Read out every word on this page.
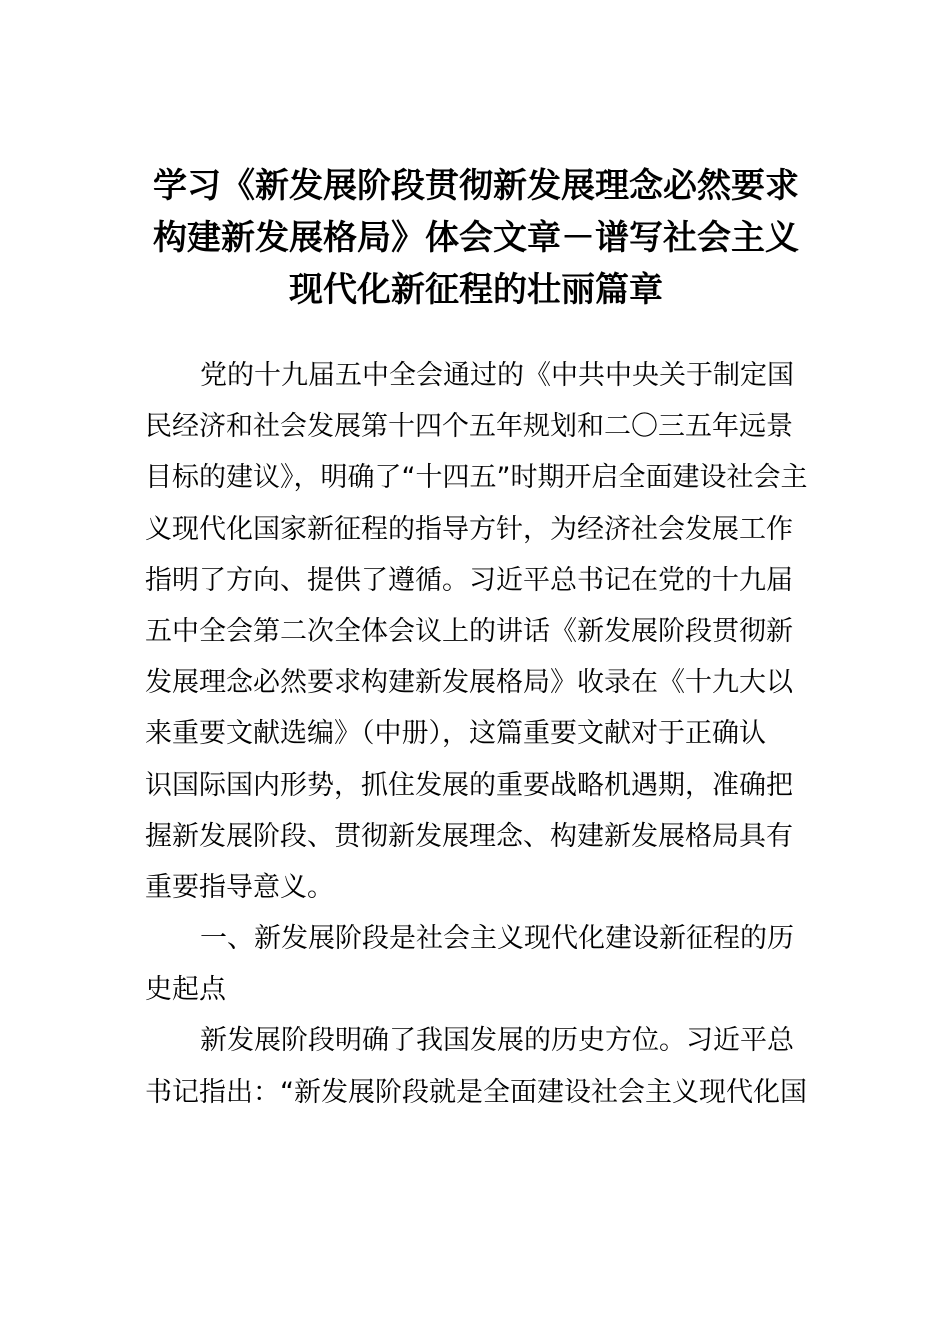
学习《新发展阶段贯彻新发展理念必然要求
构建新发展格局》体会文章－谱写社会主义
现代化新征程的壮丽篇章
党的十九届五中全会通过的《中共中央关于制定国
民经济和社会发展第十四个五年规划和二〇三五年远景
目标的建议》，明确了“十四五”时期开启全面建设社会主
义现代化国家新征程的指导方针，为经济社会发展工作
指明了方向、提供了遵循。习近平总书记在党的十九届
五中全会第二次全体会议上的讲话《新发展阶段贯彻新
发展理念必然要求构建新发展格局》收录在《十九大以
来重要文献选编》（中册），这篇重要文献对于正确认
识国际国内形势，抓住发展的重要战略机遇期，准确把
握新发展阶段、贯彻新发展理念、构建新发展格局具有
重要指导意义。
一、新发展阶段是社会主义现代化建设新征程的历
史起点
新发展阶段明确了我国发展的历史方位。习近平总
书记指出：“新发展阶段就是全面建设社会主义现代化国
